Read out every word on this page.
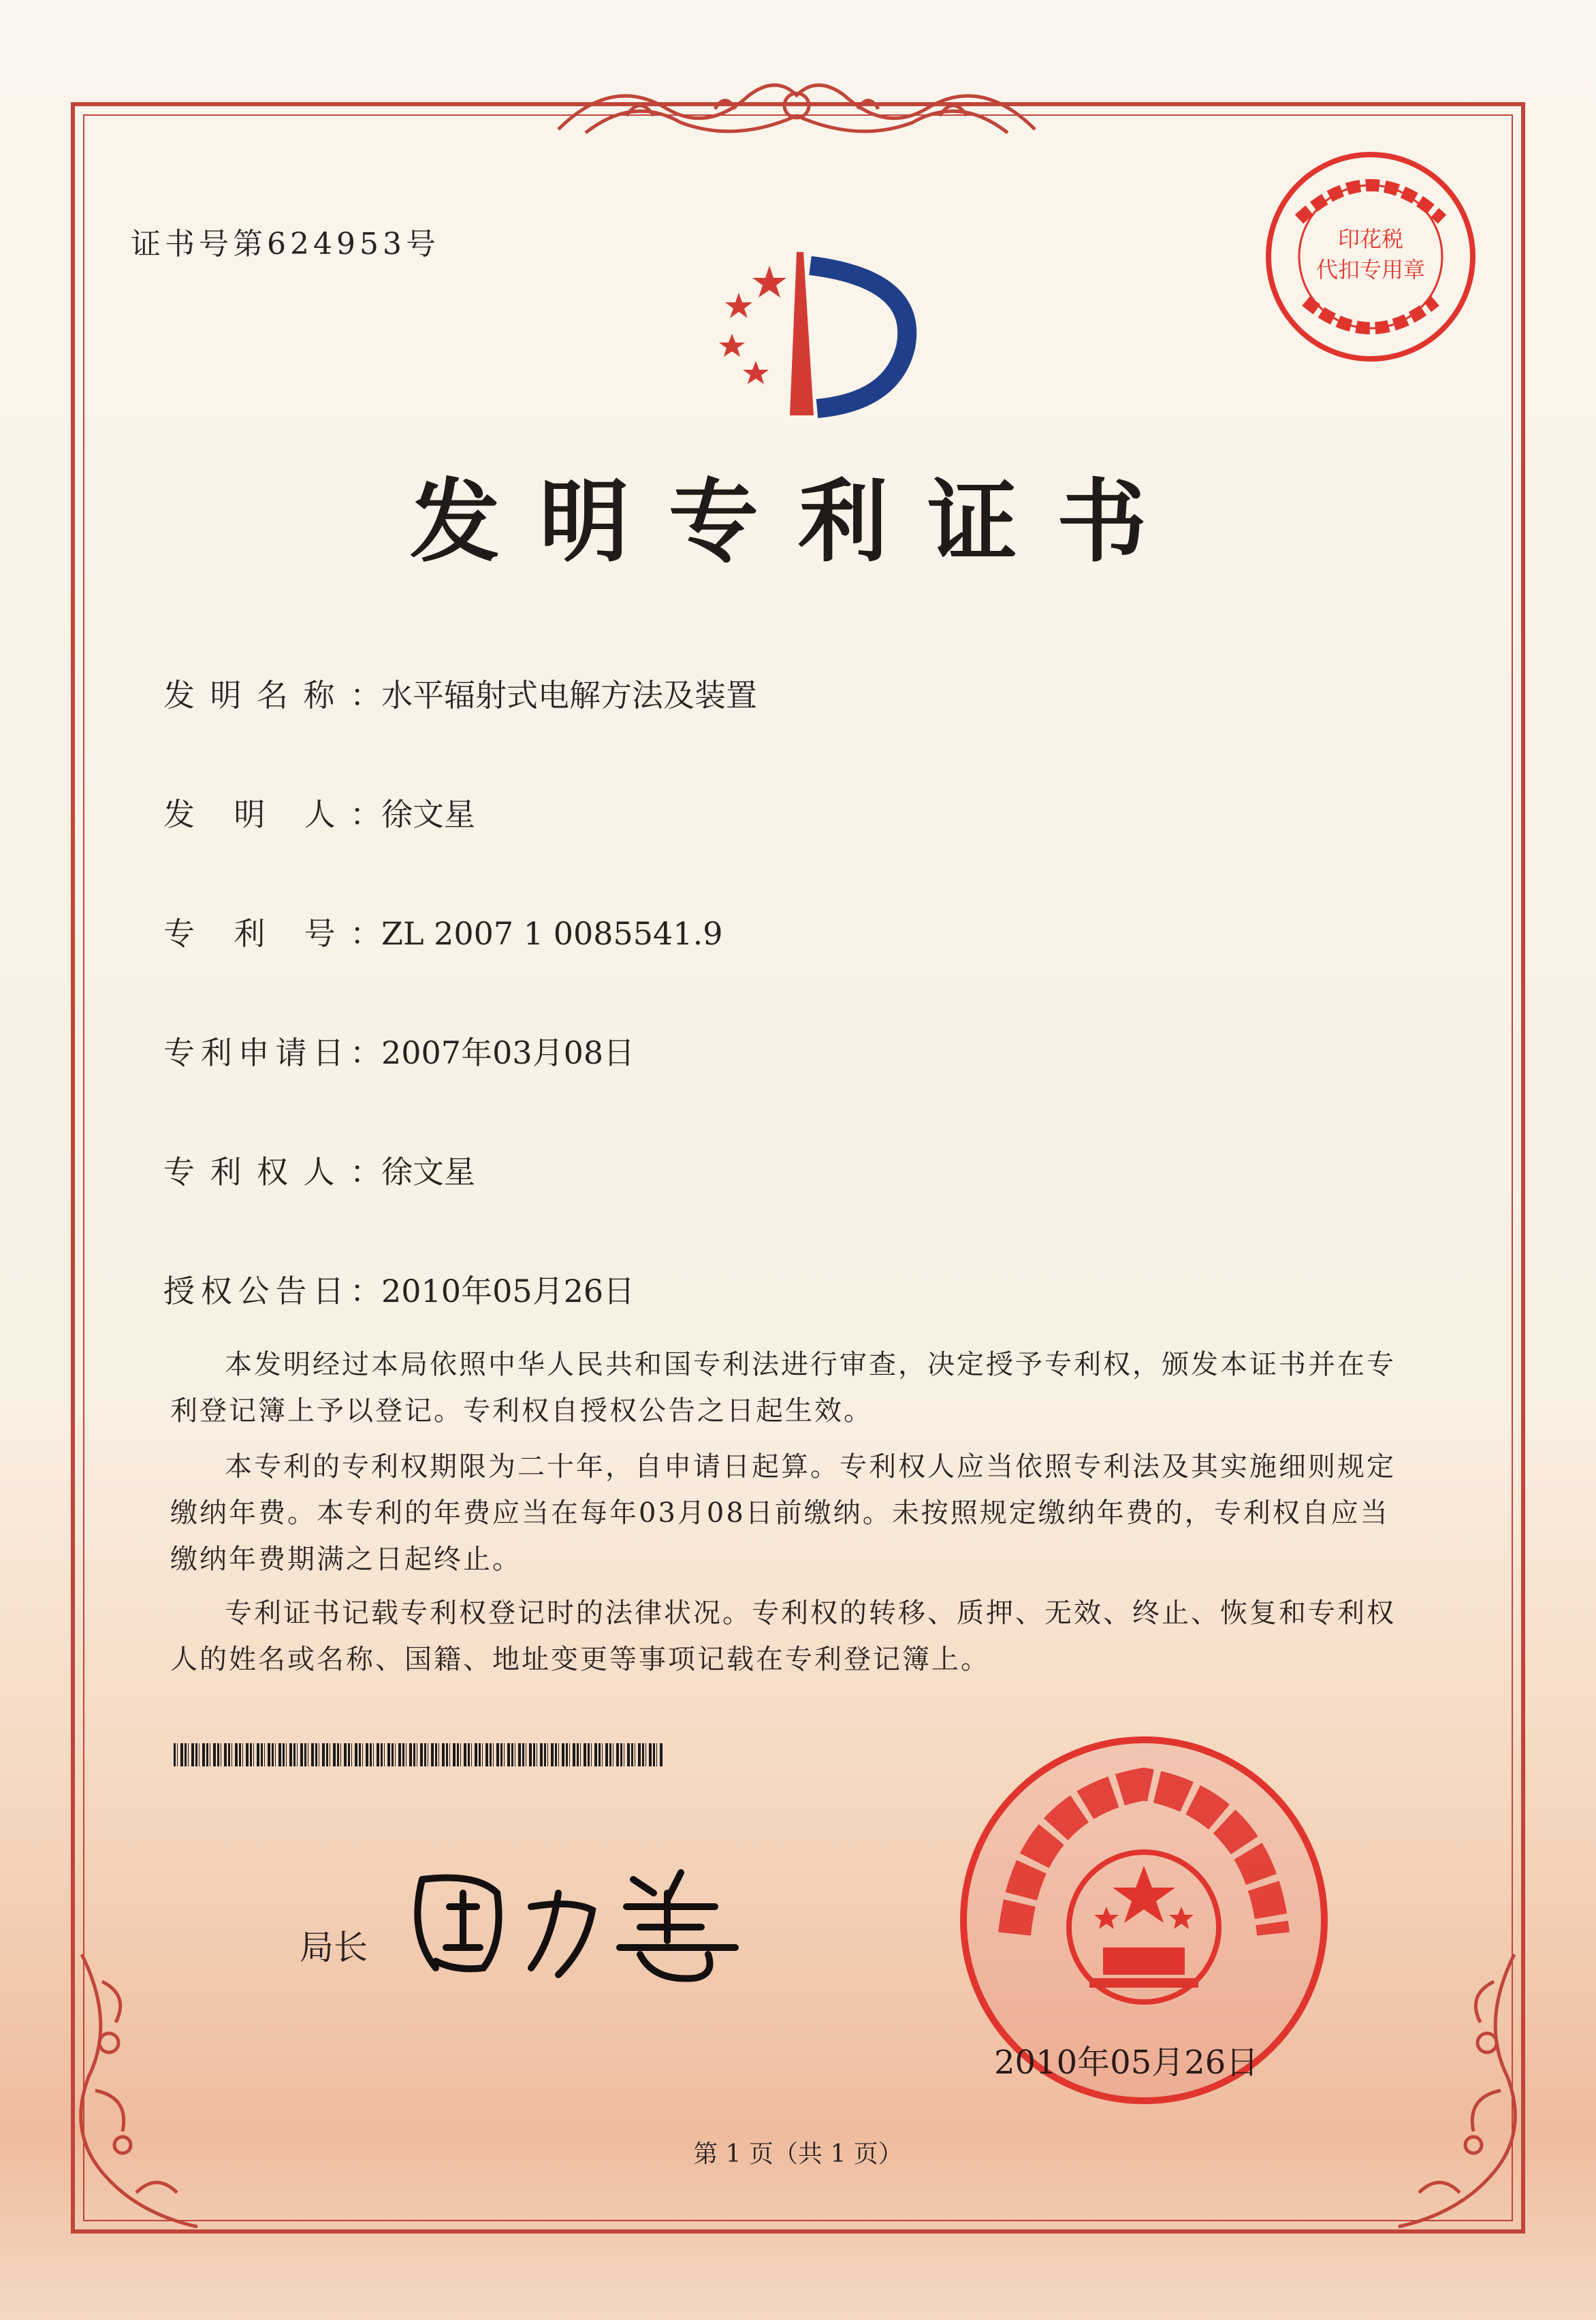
证书号第624953号
发明专利证书
发明名称：水平辐射式电解方法及装置
发 明 人：徐文星
专 利 号：ZL 2007 1 0085541.9
专利申请日：2007年03月08日
专利权人：徐文星
授权公告日：2010年05月26日
本发明经过本局依照中华人民共和国专利法进行审查，决定授予专利权，颁发本证书并在专利登记簿上予以登记。专利权自授权公告之日起生效。
本专利的专利权期限为二十年，自申请日起算。专利权人应当依照专利法及其实施细则规定缴纳年费。本专利的年费应当在每年03月08日前缴纳。未按照规定缴纳年费的，专利权自应当缴纳年费期满之日起终止。
专利证书记载专利权登记时的法律状况。专利权的转移、质押、无效、终止、恢复和专利权人的姓名或名称、国籍、地址变更等事项记载在专利登记簿上。
局长
印花税
代扣专用章
2010年05月26日
第 1 页（共 1 页）
